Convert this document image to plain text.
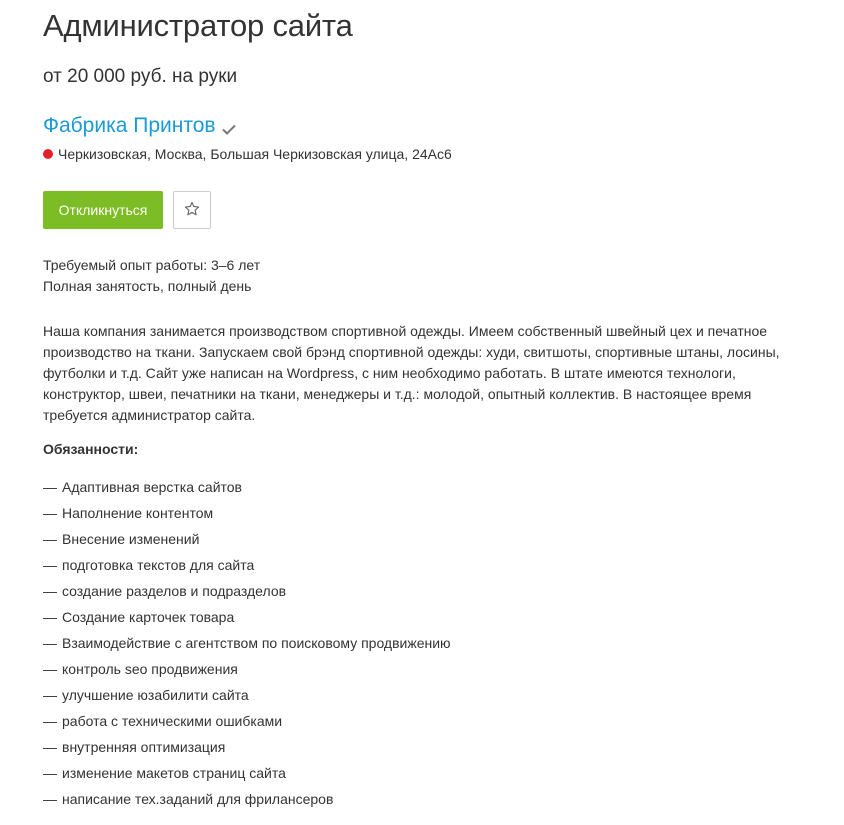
Администратор сайта
от 20 000 руб. на руки
Фабрика Принтов
Черкизовская, Москва, Большая Черкизовская улица, 24Ас6
Откликнуться
Требуемый опыт работы: 3–6 лет
Полная занятость, полный день

Наша компания занимается производством спортивной одежды. Имеем собственный швейный цех и печатное производство на ткани. Запускаем свой брэнд спортивной одежды: худи, свитшоты, спортивные штаны, лосины, футболки и т.д. Сайт уже написан на Wordpress, с ним необходимо работать. В штате имеются технологи, конструктор, швеи, печатники на ткани, менеджеры и т.д.: молодой, опытный коллектив. В настоящее время требуется администратор сайта.

Обязанности:

— Адаптивная верстка сайтов
— Наполнение контентом
— Внесение изменений
— подготовка текстов для сайта
— создание разделов и подразделов
— Создание карточек товара
— Взаимодействие с агентством по поисковому продвижению
— контроль seo продвижения
— улучшение юзабилити сайта
— работа с техническими ошибками
— внутренняя оптимизация
— изменение макетов страниц сайта
— написание тех.заданий для фрилансеров
